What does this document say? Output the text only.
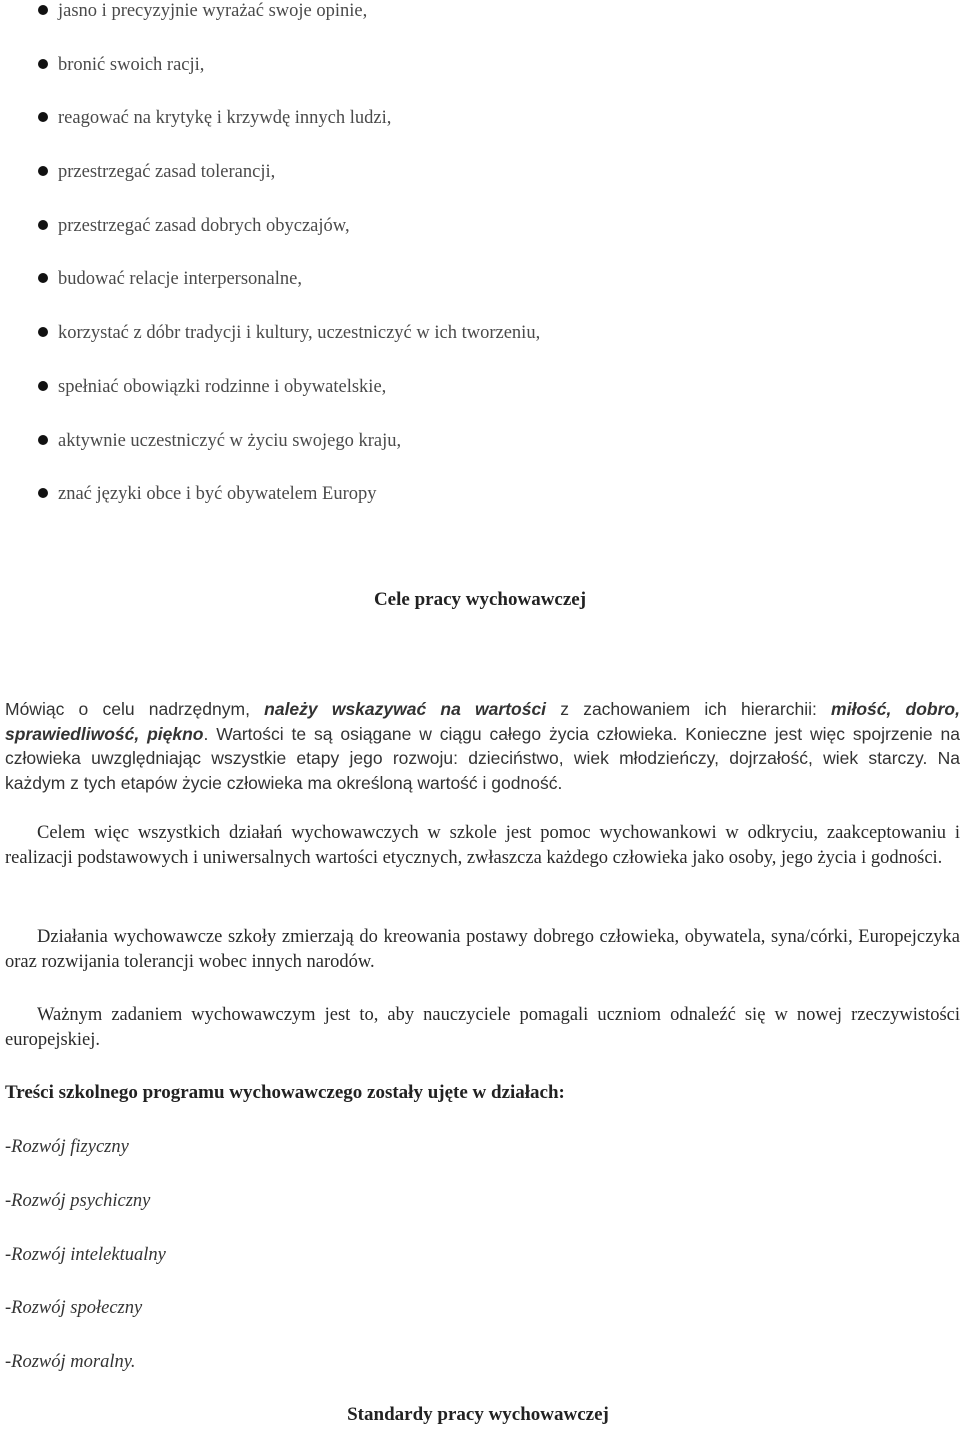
jasno i precyzyjnie wyrażać swoje opinie,
bronić swoich racji,
reagować na krytykę i krzywdę innych ludzi,
przestrzegać zasad tolerancji,
przestrzegać zasad dobrych obyczajów,
budować relacje interpersonalne,
korzystać z dóbr tradycji i kultury, uczestniczyć w ich tworzeniu,
spełniać obowiązki rodzinne i obywatelskie,
aktywnie uczestniczyć w życiu swojego kraju,
znać języki obce i być obywatelem Europy
Cele pracy wychowawczej

Mówiąc o celu nadrzędnym, należy wskazywać na wartości z zachowaniem ich hierarchii: miłość, dobro, sprawiedliwość, piękno. Wartości te są osiągane w ciągu całego życia człowieka. Konieczne jest więc spojrzenie na człowieka uwzględniając wszystkie etapy jego rozwoju: dzieciństwo, wiek młodzieńczy, dojrzałość, wiek starczy. Na każdym z tych etapów życie człowieka ma określoną wartość i godność.

Celem więc wszystkich działań wychowawczych w szkole jest pomoc wychowankowi w odkryciu, zaakceptowaniu i realizacji podstawowych i uniwersalnych wartości etycznych, zwłaszcza każdego człowieka jako osoby, jego życia i godności.

Działania wychowawcze szkoły zmierzają do kreowania postawy dobrego człowieka, obywatela, syna/córki, Europejczyka oraz rozwijania tolerancji wobec innych narodów.

Ważnym zadaniem wychowawczym jest to, aby nauczyciele pomagali uczniom odnaleźć się w nowej rzeczywistości europejskiej.

Treści szkolnego programu wychowawczego zostały ujęte w działach:
-Rozwój fizyczny
-Rozwój psychiczny
-Rozwój intelektualny
-Rozwój społeczny
-Rozwój moralny.
Standardy pracy wychowawczej
